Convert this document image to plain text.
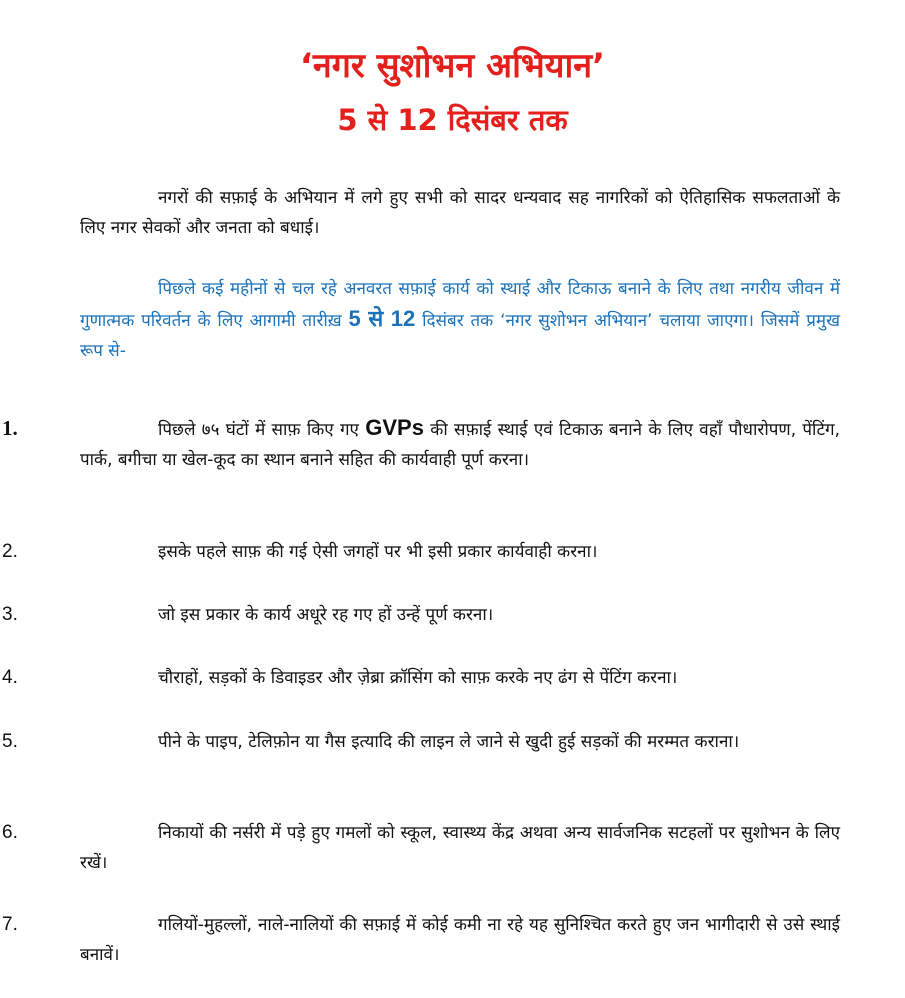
‘नगर सुशोभन अभियान’
5 से 12 दिसंबर तक

नगरों की सफ़ाई के अभियान में लगे हुए सभी को सादर धन्यवाद सह नागरिकों को ऐतिहासिक सफलताओं के लिए नगर सेवकों और जनता को बधाई।

पिछले कई महीनों से चल रहे अनवरत सफ़ाई कार्य को स्थाई और टिकाऊ बनाने के लिए तथा नगरीय जीवन में गुणात्मक परिवर्तन के लिए आगामी तारीख़ 5 से 12 दिसंबर तक ‘नगर सुशोभन अभियान’ चलाया जाएगा। जिसमें प्रमुख रूप से-

1.	पिछले ७५ घंटों में साफ़ किए गए GVPs की सफ़ाई स्थाई एवं टिकाऊ बनाने के लिए वहाँ पौधारोपण, पेंटिंग, पार्क, बगीचा या खेल-कूद का स्थान बनाने सहित की कार्यवाही पूर्ण करना।

2.	इसके पहले साफ़ की गई ऐसी जगहों पर भी इसी प्रकार कार्यवाही करना।

3.	जो इस प्रकार के कार्य अधूरे रह गए हों उन्हें पूर्ण करना।

4.	चौराहों, सड़कों के डिवाइडर और ज़ेब्रा क्रॉसिंग को साफ़ करके नए ढंग से पेंटिंग करना।

5.	पीने के पाइप, टेलिफ़ोन या गैस इत्यादि की लाइन ले जाने से खुदी हुई सड़कों की मरम्मत कराना।

6.	निकायों की नर्सरी में पड़े हुए गमलों को स्कूल, स्वास्थ्य केंद्र अथवा अन्य सार्वजनिक सटहलों पर सुशोभन के लिए रखें।

7.	गलियों-मुहल्लों, नाले-नालियों की सफ़ाई में कोई कमी ना रहे यह सुनिश्चित करते हुए जन भागीदारी से उसे स्थाई बनावें।
